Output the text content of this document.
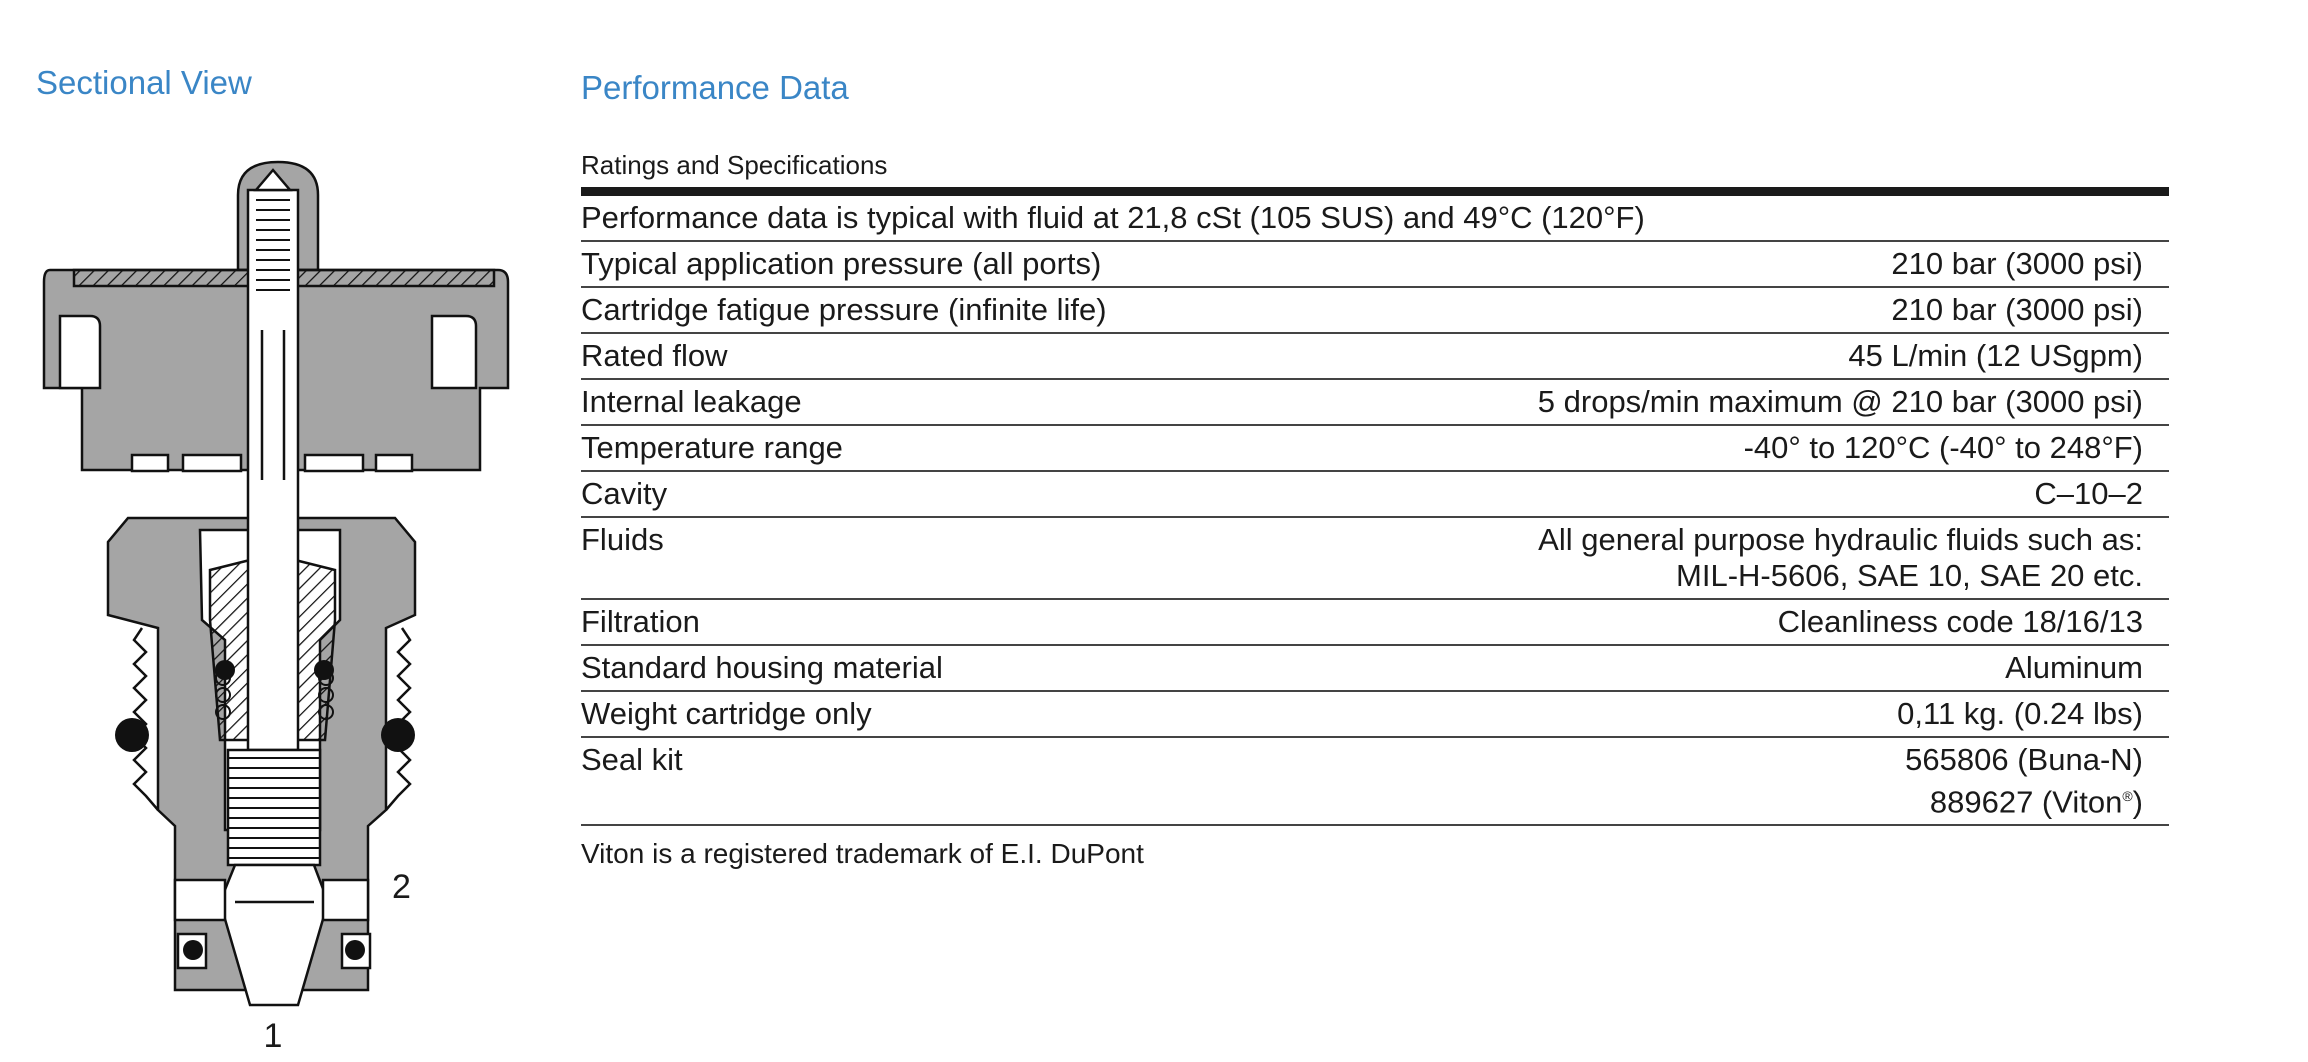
Sectional View	Performance Data
2
1
Ratings and Specifications
Performance data is typical with fluid at 21,8 cSt (105 SUS) and 49°C (120°F)
Typical application pressure (all ports)	210 bar (3000 psi)
Cartridge fatigue pressure (infinite life)	210 bar (3000 psi)
Rated flow	45 L/min (12 USgpm)
Internal leakage	5 drops/min maximum @ 210 bar (3000 psi)
Temperature range	-40° to 120°C (-40° to 248°F)
Cavity	C–10–2
Fluids	All general purpose hydraulic fluids such as:
MIL-H-5606, SAE 10, SAE 20 etc.
Filtration	Cleanliness code 18/16/13
Standard housing material	Aluminum
Weight cartridge only	0,11 kg. (0.24 lbs)
Seal kit	565806 (Buna-N)
889627 (Viton®)
Viton is a registered trademark of E.I. DuPont
